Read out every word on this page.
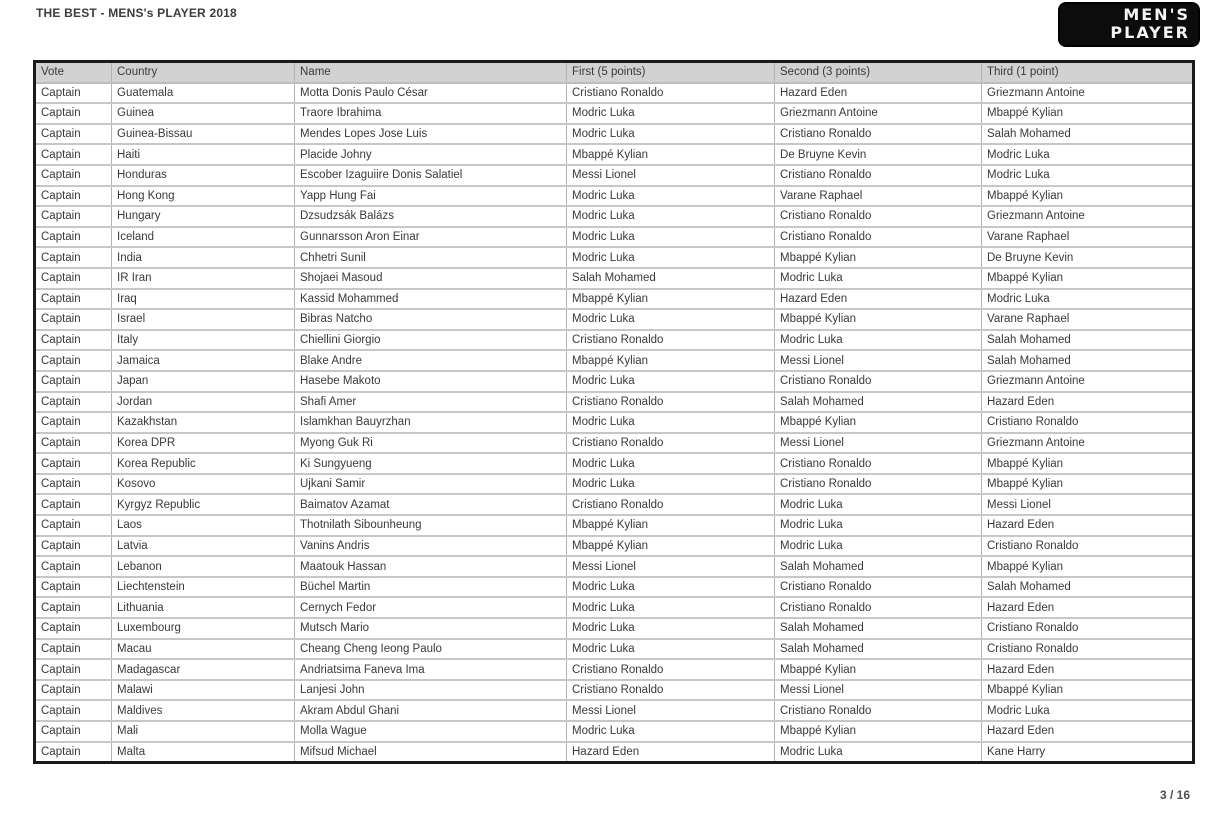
THE BEST - MENS's PLAYER 2018	MEN'S
PLAYER
Vote	Country	Name	First (5 points)	Second (3 points)	Third (1 point)
Captain	Guatemala	Motta Donis Paulo César	Cristiano Ronaldo	Hazard Eden	Griezmann Antoine
Captain	Guinea	Traore Ibrahima	Modric Luka	Griezmann Antoine	Mbappé Kylian
Captain	Guinea-Bissau	Mendes Lopes Jose Luis	Modric Luka	Cristiano Ronaldo	Salah Mohamed
Captain	Haiti	Placide Johny	Mbappé Kylian	De Bruyne Kevin	Modric Luka
Captain	Honduras	Escober Izaguiire Donis Salatiel	Messi Lionel	Cristiano Ronaldo	Modric Luka
Captain	Hong Kong	Yapp Hung Fai	Modric Luka	Varane Raphael	Mbappé Kylian
Captain	Hungary	Dzsudzsák Balázs	Modric Luka	Cristiano Ronaldo	Griezmann Antoine
Captain	Iceland	Gunnarsson Aron Einar	Modric Luka	Cristiano Ronaldo	Varane Raphael
Captain	India	Chhetri Sunil	Modric Luka	Mbappé Kylian	De Bruyne Kevin
Captain	IR Iran	Shojaei Masoud	Salah Mohamed	Modric Luka	Mbappé Kylian
Captain	Iraq	Kassid Mohammed	Mbappé Kylian	Hazard Eden	Modric Luka
Captain	Israel	Bibras Natcho	Modric Luka	Mbappé Kylian	Varane Raphael
Captain	Italy	Chiellini Giorgio	Cristiano Ronaldo	Modric Luka	Salah Mohamed
Captain	Jamaica	Blake Andre	Mbappé Kylian	Messi Lionel	Salah Mohamed
Captain	Japan	Hasebe Makoto	Modric Luka	Cristiano Ronaldo	Griezmann Antoine
Captain	Jordan	Shafi Amer	Cristiano Ronaldo	Salah Mohamed	Hazard Eden
Captain	Kazakhstan	Islamkhan Bauyrzhan	Modric Luka	Mbappé Kylian	Cristiano Ronaldo
Captain	Korea DPR	Myong Guk Ri	Cristiano Ronaldo	Messi Lionel	Griezmann Antoine
Captain	Korea Republic	Ki Sungyueng	Modric Luka	Cristiano Ronaldo	Mbappé Kylian
Captain	Kosovo	Ujkani Samir	Modric Luka	Cristiano Ronaldo	Mbappé Kylian
Captain	Kyrgyz Republic	Baimatov Azamat	Cristiano Ronaldo	Modric Luka	Messi Lionel
Captain	Laos	Thotnilath Sibounheung	Mbappé Kylian	Modric Luka	Hazard Eden
Captain	Latvia	Vanins Andris	Mbappé Kylian	Modric Luka	Cristiano Ronaldo
Captain	Lebanon	Maatouk Hassan	Messi Lionel	Salah Mohamed	Mbappé Kylian
Captain	Liechtenstein	Büchel Martin	Modric Luka	Cristiano Ronaldo	Salah Mohamed
Captain	Lithuania	Cernych Fedor	Modric Luka	Cristiano Ronaldo	Hazard Eden
Captain	Luxembourg	Mutsch Mario	Modric Luka	Salah Mohamed	Cristiano Ronaldo
Captain	Macau	Cheang Cheng Ieong Paulo	Modric Luka	Salah Mohamed	Cristiano Ronaldo
Captain	Madagascar	Andriatsima Faneva Ima	Cristiano Ronaldo	Mbappé Kylian	Hazard Eden
Captain	Malawi	Lanjesi John	Cristiano Ronaldo	Messi Lionel	Mbappé Kylian
Captain	Maldives	Akram Abdul Ghani	Messi Lionel	Cristiano Ronaldo	Modric Luka
Captain	Mali	Molla Wague	Modric Luka	Mbappé Kylian	Hazard Eden
Captain	Malta	Mifsud Michael	Hazard Eden	Modric Luka	Kane Harry
3 / 16
